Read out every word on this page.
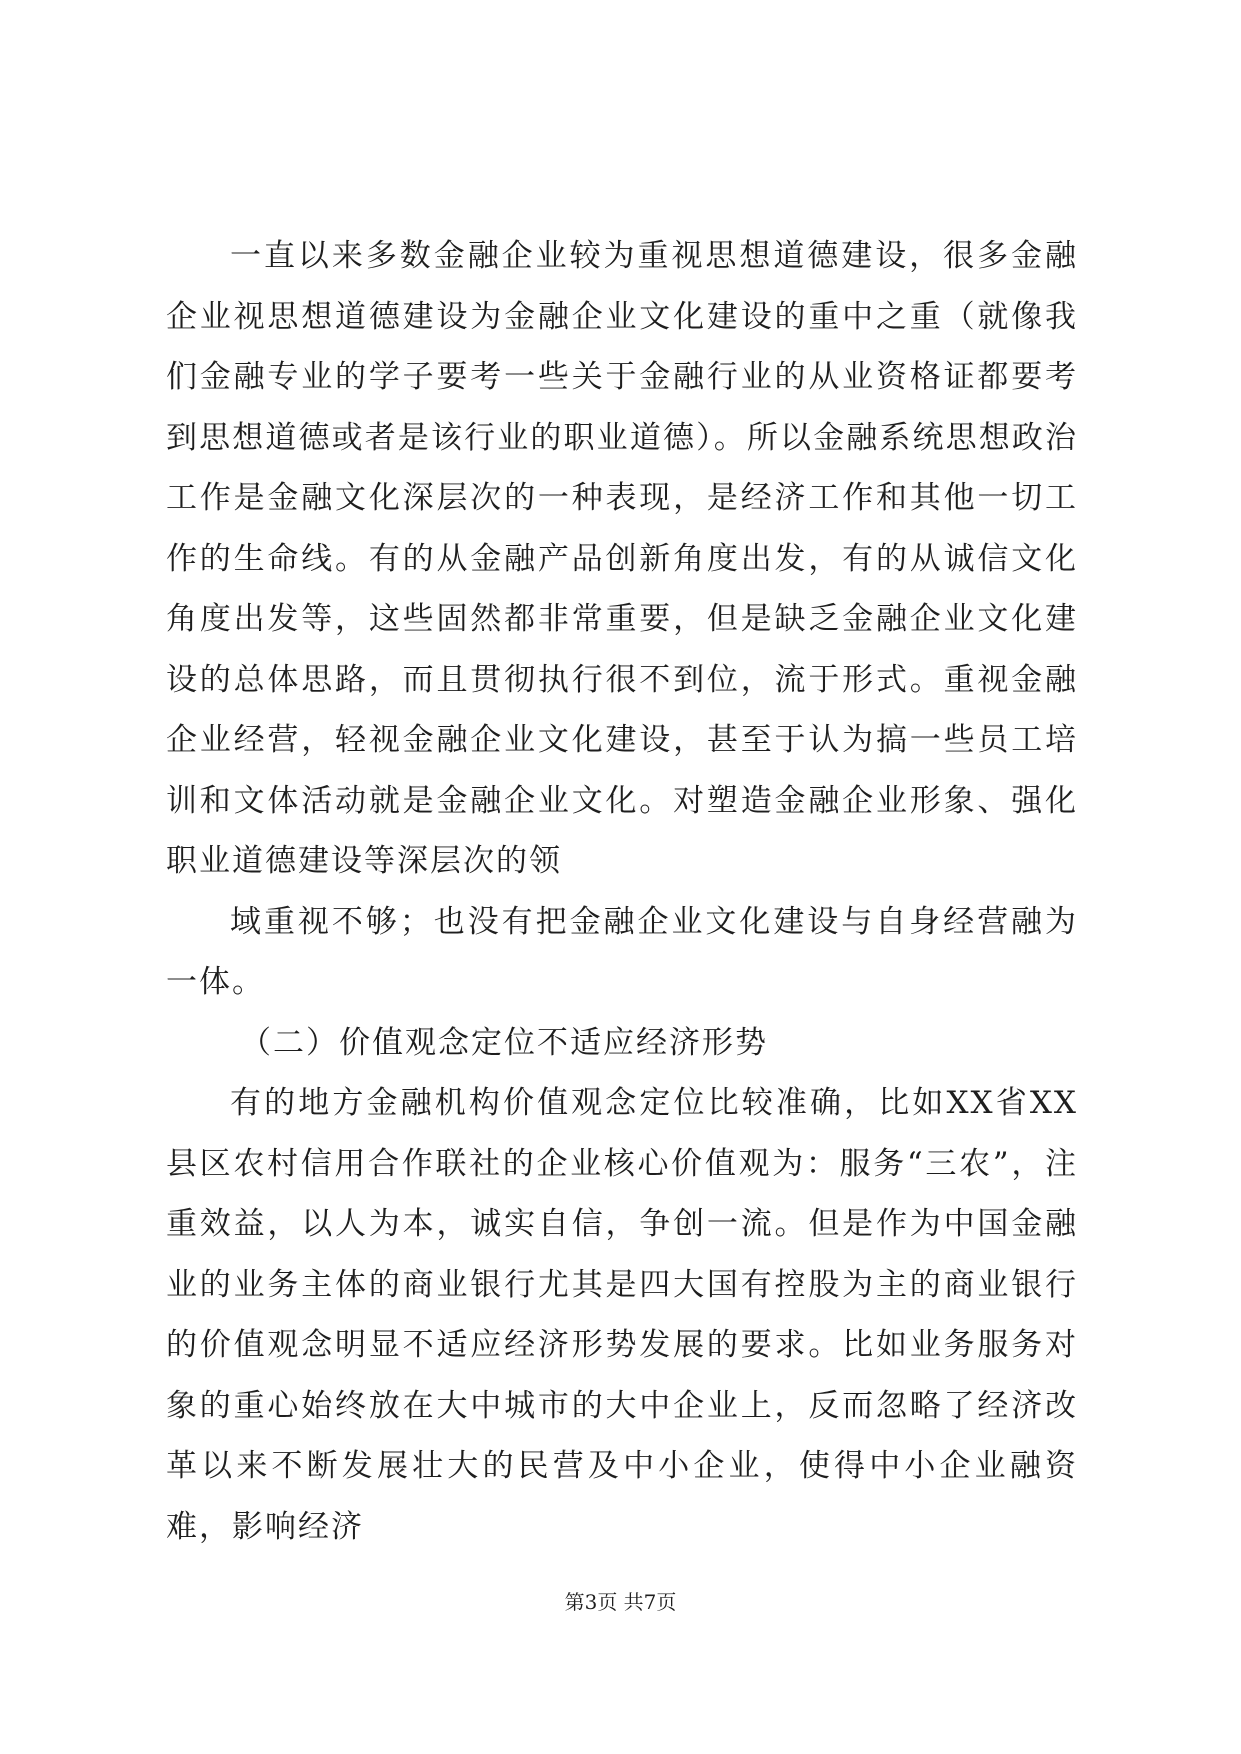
一直以来多数金融企业较为重视思想道德建设，很多金融企业视思想道德建设为金融企业文化建设的重中之重（就像我们金融专业的学子要考一些关于金融行业的从业资格证都要考到思想道德或者是该行业的职业道德）。所以金融系统思想政治工作是金融文化深层次的一种表现，是经济工作和其他一切工作的生命线。有的从金融产品创新角度出发，有的从诚信文化角度出发等，这些固然都非常重要，但是缺乏金融企业文化建设的总体思路，而且贯彻执行很不到位，流于形式。重视金融企业经营，轻视金融企业文化建设，甚至于认为搞一些员工培训和文体活动就是金融企业文化。对塑造金融企业形象、强化职业道德建设等深层次的领

域重视不够；也没有把金融企业文化建设与自身经营融为一体。

（二）价值观念定位不适应经济形势

有的地方金融机构价值观念定位比较准确，比如XX省XX县区农村信用合作联社的企业核心价值观为：服务“三农”，注重效益，以人为本，诚实自信，争创一流。但是作为中国金融业的业务主体的商业银行尤其是四大国有控股为主的商业银行的价值观念明显不适应经济形势发展的要求。比如业务服务对象的重心始终放在大中城市的大中企业上，反而忽略了经济改革以来不断发展壮大的民营及中小企业，使得中小企业融资难，影响经济

第3页 共7页
